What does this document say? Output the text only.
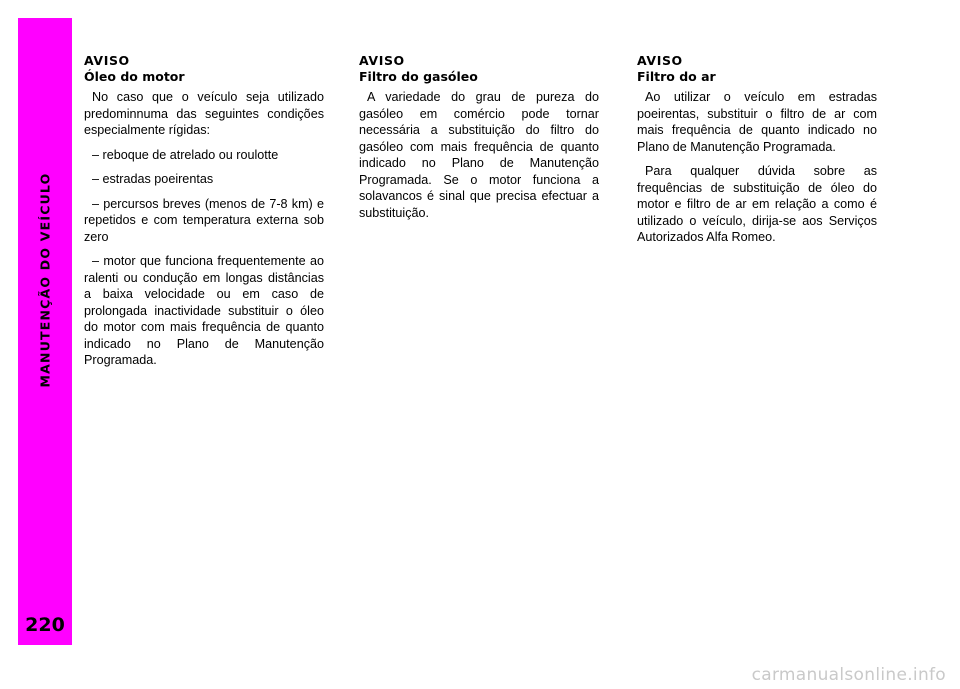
MANUTENÇÃO DO VEÍCULO
220
AVISO
Óleo do motor

No caso que o veículo seja utilizado predominnuma das seguintes condições especialmente rígidas:

– reboque de atrelado ou roulotte

– estradas poeirentas

– percursos breves (menos de 7-8 km) e repetidos e com temperatura externa sob zero

– motor que funciona frequentemente ao ralenti ou condução em longas distâncias a baixa velocidade ou em caso de prolongada inactividade substituir o óleo do motor com mais frequência de quanto indicado no Plano de Manutenção Programada.

AVISO
Filtro do gasóleo

A variedade do grau de pureza do gasóleo em comércio pode tornar necessária a substituição do filtro do gasóleo com mais frequência de quanto indicado no Plano de Manutenção Programada. Se o motor funciona a solavancos é sinal que precisa efectuar a substituição.

AVISO
Filtro do ar

Ao utilizar o veículo em estradas poeirentas, substituir o filtro de ar com mais frequência de quanto indicado no Plano de Manutenção Programada.

Para qualquer dúvida sobre as frequências de substituição de óleo do motor e filtro de ar em relação a como é utilizado o veículo, dirija-se aos Serviços Autorizados Alfa Romeo.

carmanualsonline.info
